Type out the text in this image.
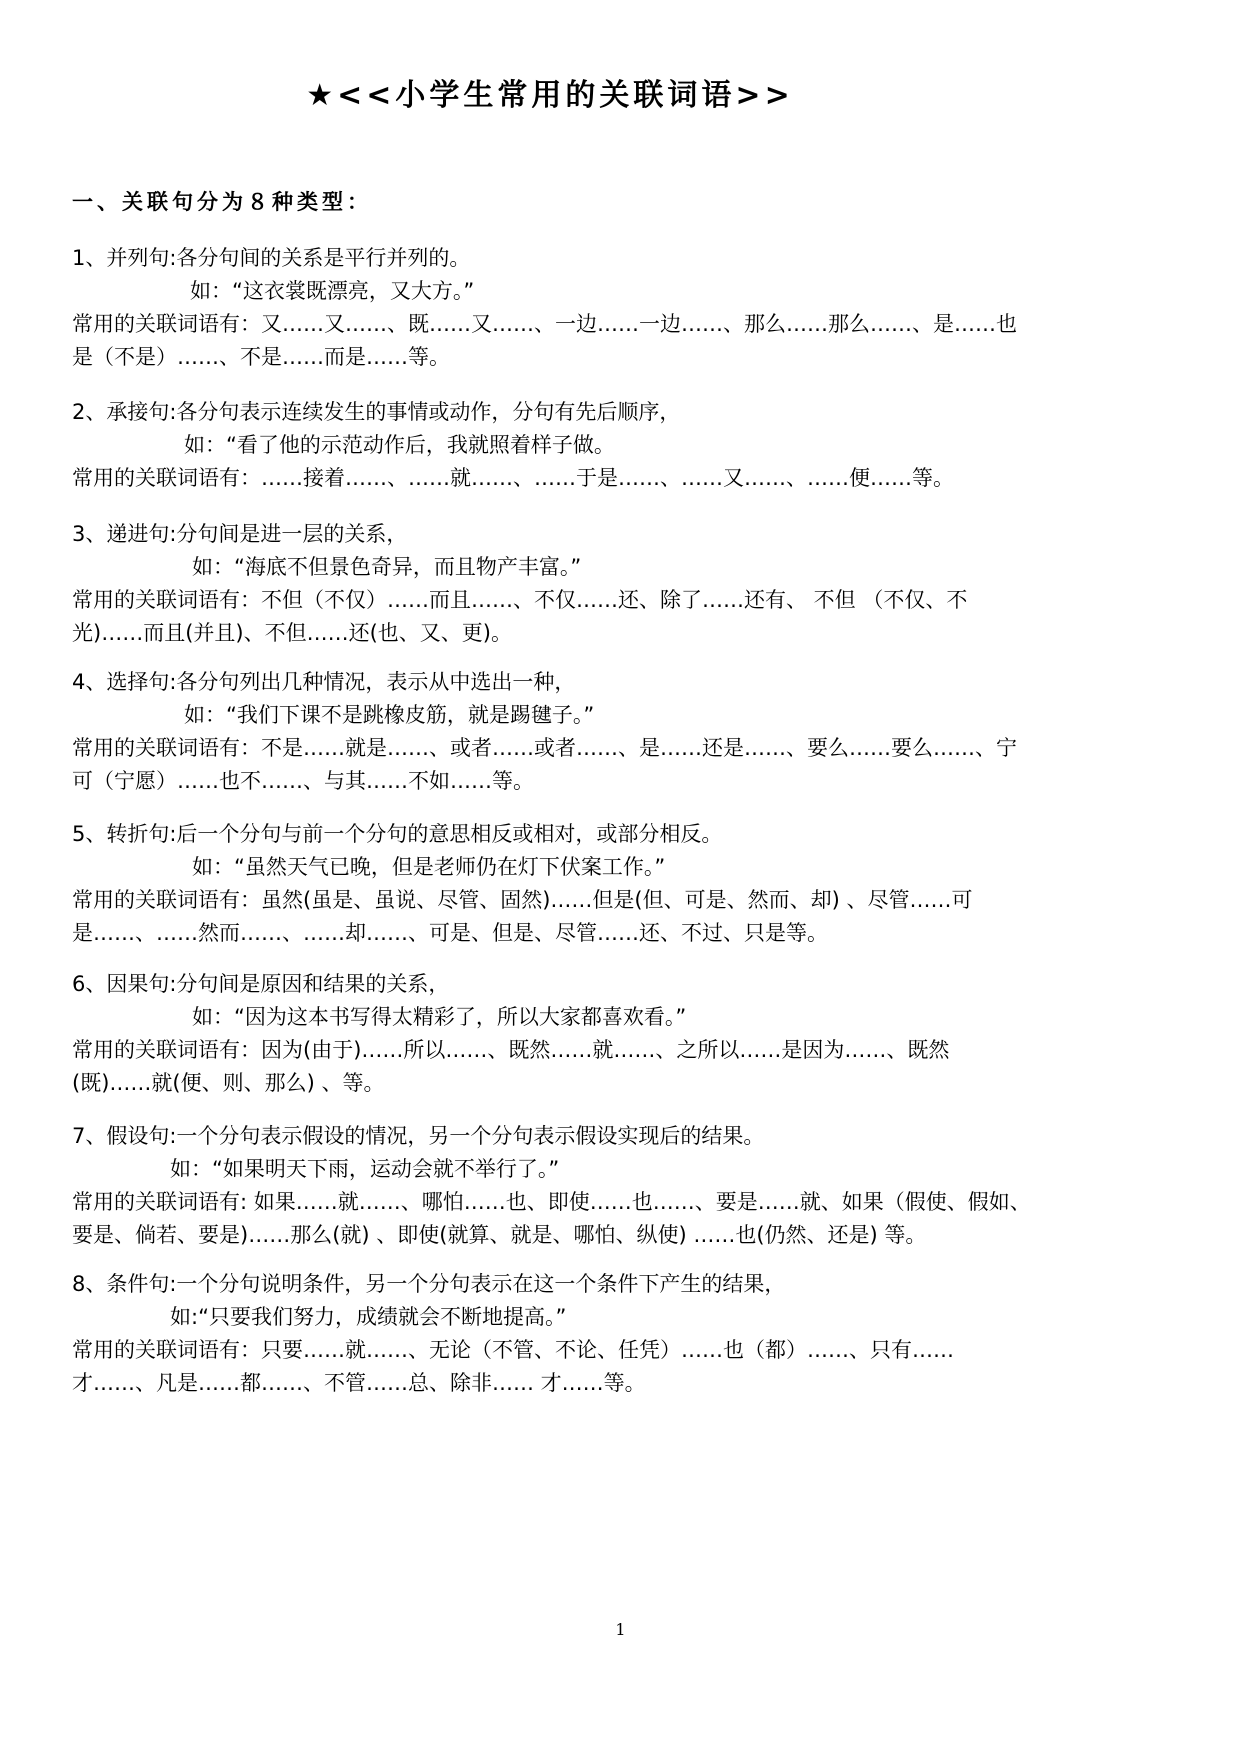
★<<小学生常用的关联词语>>
一、关联句分为８种类型：

1、并列句:各分句间的关系是平行并列的。

如：“这衣裳既漂亮，又大方。”

常用的关联词语有：又……又……、既……又……、一边……一边……、那么……那么……、是……也

是（不是）……、不是……而是……等。

2、承接句:各分句表示连续发生的事情或动作，分句有先后顺序，

如：“看了他的示范动作后，我就照着样子做。

常用的关联词语有：……接着……、……就……、……于是……、……又……、……便……等。

3、递进句:分句间是进一层的关系，

如：“海底不但景色奇异，而且物产丰富。”

常用的关联词语有：不但（不仅）……而且……、不仅……还、除了……还有、 不但 （不仅、不

光)……而且(并且)、不但……还(也、又、更)。

4、选择句:各分句列出几种情况，表示从中选出一种，

如：“我们下课不是跳橡皮筋，就是踢毽子。”

常用的关联词语有：不是……就是……、或者……或者……、是……还是……、要么……要么……、宁

可（宁愿）……也不……、与其……不如……等。

5、转折句:后一个分句与前一个分句的意思相反或相对，或部分相反。

如：“虽然天气已晚，但是老师仍在灯下伏案工作。”

常用的关联词语有：虽然(虽是、虽说、尽管、固然)……但是(但、可是、然而、却) 、尽管……可

是……、……然而……、……却……、可是、但是、尽管……还、不过、只是等。

6、因果句:分句间是原因和结果的关系，

如：“因为这本书写得太精彩了，所以大家都喜欢看。”

常用的关联词语有：因为(由于)……所以……、既然……就……、之所以……是因为……、既然

(既)……就(便、则、那么) 、等。

7、假设句:一个分句表示假设的情况，另一个分句表示假设实现后的结果。

如：“如果明天下雨，运动会就不举行了。”

常用的关联词语有: 如果……就……、哪怕……也、即使……也……、要是……就、如果（假使、假如、

要是、倘若、要是)……那么(就) 、即使(就算、就是、哪怕、纵使) ……也(仍然、还是) 等。

8、条件句:一个分句说明条件，另一个分句表示在这一个条件下产生的结果，

如:“只要我们努力，成绩就会不断地提高。”

常用的关联词语有：只要……就……、无论（不管、不论、任凭）……也（都）……、只有……

才……、凡是……都……、不管……总、除非…… 才……等。

1
